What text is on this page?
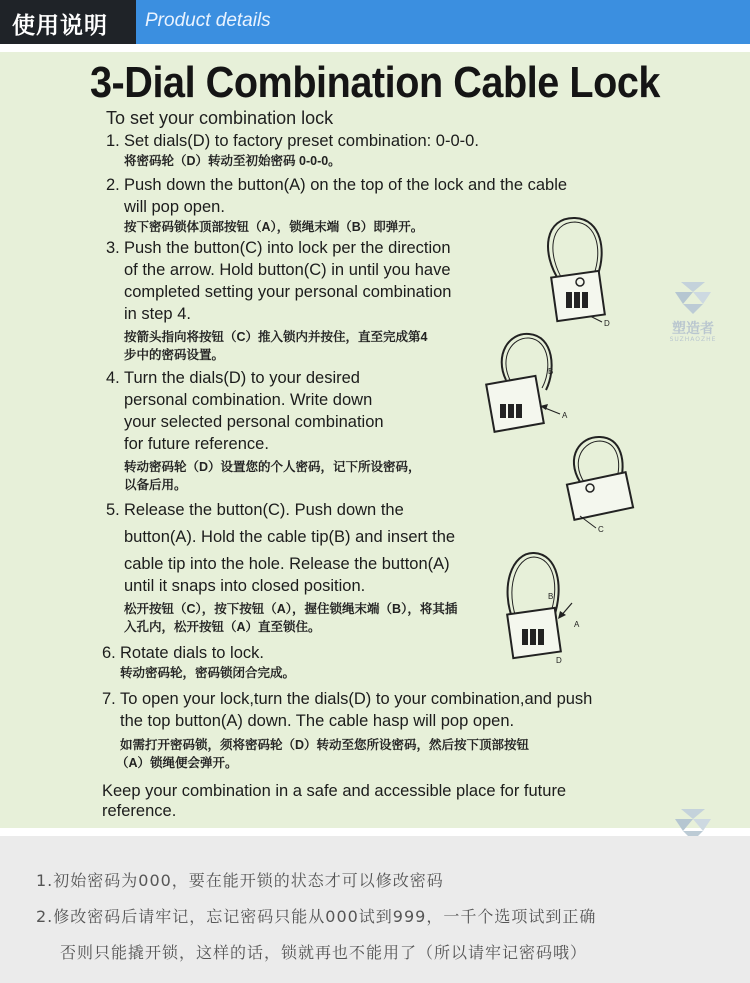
使用说明 Product details
3-Dial Combination Cable Lock
To set your combination lock
1. Set dials(D) to factory preset combination: 0-0-0.
将密码轮（D）转动至初始密码 0-0-0。
2. Push down the button(A) on the top of the lock and the cable
will pop open.
按下密码锁体顶部按钮（A），锁绳末端（B）即弹开。
3. Push the button(C) into lock per the direction
of the arrow. Hold button(C) in until you have
completed setting your personal combination
in step 4.
按箭头指向将按钮（C）推入锁内并按住，直至完成第4
步中的密码设置。
4. Turn the dials(D) to your desired
personal combination. Write down
your selected personal combination
for future reference.
转动密码轮（D）设置您的个人密码，记下所设密码，
以备后用。
5. Release the button(C). Push down the
button(A). Hold the cable tip(B) and insert the
cable tip into the hole. Release the button(A)
until it snaps into closed position.
松开按钮（C），按下按钮（A），握住锁绳末端（B），将其插
入孔内，松开按钮（A）直至锁住。
6. Rotate dials to lock.
转动密码轮，密码锁闭合完成。
7. To open your lock,turn the dials(D) to your combination,and push
the top button(A) down. The cable hasp will pop open.
如需打开密码锁，须将密码轮（D）转动至您所设密码，然后按下顶部按钮
（A）锁绳便会弹开。
Keep your combination in a safe and accessible place for future
reference.
D
B
A
C
B
A
D
塑造者
SUZHAOZHE
1.初始密码为000，要在能开锁的状态才可以修改密码
2.修改密码后请牢记，忘记密码只能从000试到999，一千个选项试到正确
否则只能撬开锁，这样的话，锁就再也不能用了（所以请牢记密码哦）
